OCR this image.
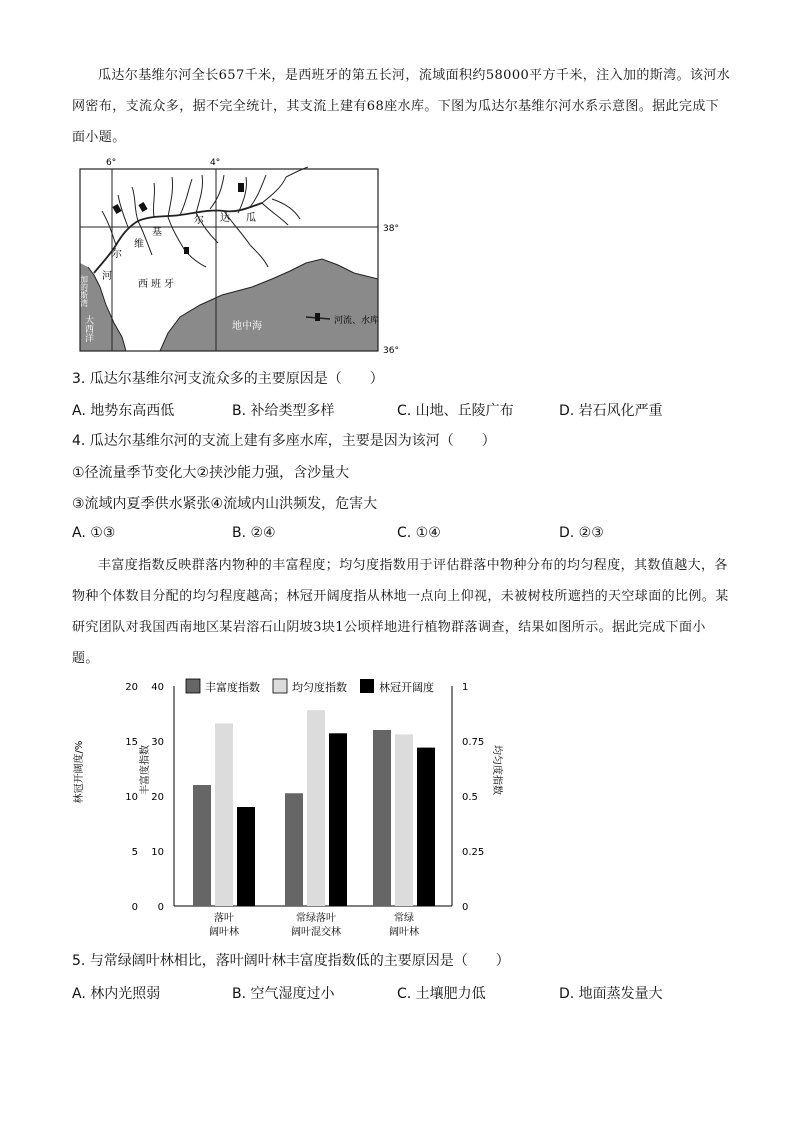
瓜达尔基维尔河全长657千米，是西班牙的第五长河，流域面积约58000平方千米，注入加的斯湾。该河水网密布，支流众多，据不完全统计，其支流上建有68座水库。下图为瓜达尔基维尔河水系示意图。据此完成下面小题。
6°	4°
38°
36°
瓜
达
尔
基
维
尔
河
西班牙
加的斯湾
大西洋	地中海	河流、水库
3. 瓜达尔基维尔河支流众多的主要原因是（　　）
A. 地势东高西低	B. 补给类型多样	C. 山地、丘陵广布	D. 岩石风化严重
4. 瓜达尔基维尔河的支流上建有多座水库，主要是因为该河（　　）
①径流量季节变化大②挟沙能力强，含沙量大
③流域内夏季供水紧张④流域内山洪频发，危害大
A. ①③	B. ②④	C. ①④	D. ②③
丰富度指数反映群落内物种的丰富程度；均匀度指数用于评估群落中物种分布的均匀程度，其数值越大，各物种个体数目分配的均匀程度越高；林冠开阔度指从林地一点向上仰视，未被树枝所遮挡的天空球面的比例。某研究团队对我国西南地区某岩溶石山阴坡3块1公顷样地进行植物群落调查，结果如图所示。据此完成下面小题。
林冠开阔度/%	丰富度指数	均匀度指数
0
5
10
15
20
0
10
20
30
40
0
0.25
0.5
0.75
1
落叶
阔叶林
常绿落叶
阔叶混交林
常绿
阔叶林
丰富度指数	均匀度指数	林冠开阔度
5. 与常绿阔叶林相比，落叶阔叶林丰富度指数低的主要原因是（　　）
A. 林内光照弱	B. 空气湿度过小	C. 土壤肥力低	D. 地面蒸发量大
